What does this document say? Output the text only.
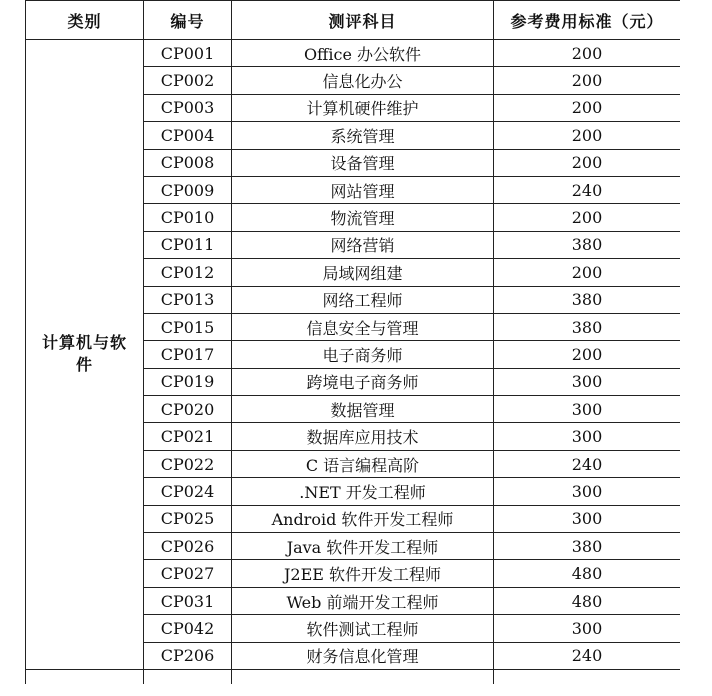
类别	编号	测评科目	参考费用标准（元）
计算机与软件	CP001	Office 办公软件	200
	CP002	信息化办公	200
	CP003	计算机硬件维护	200
	CP004	系统管理	200
	CP008	设备管理	200
	CP009	网站管理	240
	CP010	物流管理	200
	CP011	网络营销	380
	CP012	局域网组建	200
	CP013	网络工程师	380
	CP015	信息安全与管理	380
	CP017	电子商务师	200
	CP019	跨境电子商务师	300
	CP020	数据管理	300
	CP021	数据库应用技术	300
	CP022	C 语言编程高阶	240
	CP024	.NET 开发工程师	300
	CP025	Android 软件开发工程师	300
	CP026	Java 软件开发工程师	380
	CP027	J2EE 软件开发工程师	480
	CP031	Web 前端开发工程师	480
	CP042	软件测试工程师	300
	CP206	财务信息化管理	240
